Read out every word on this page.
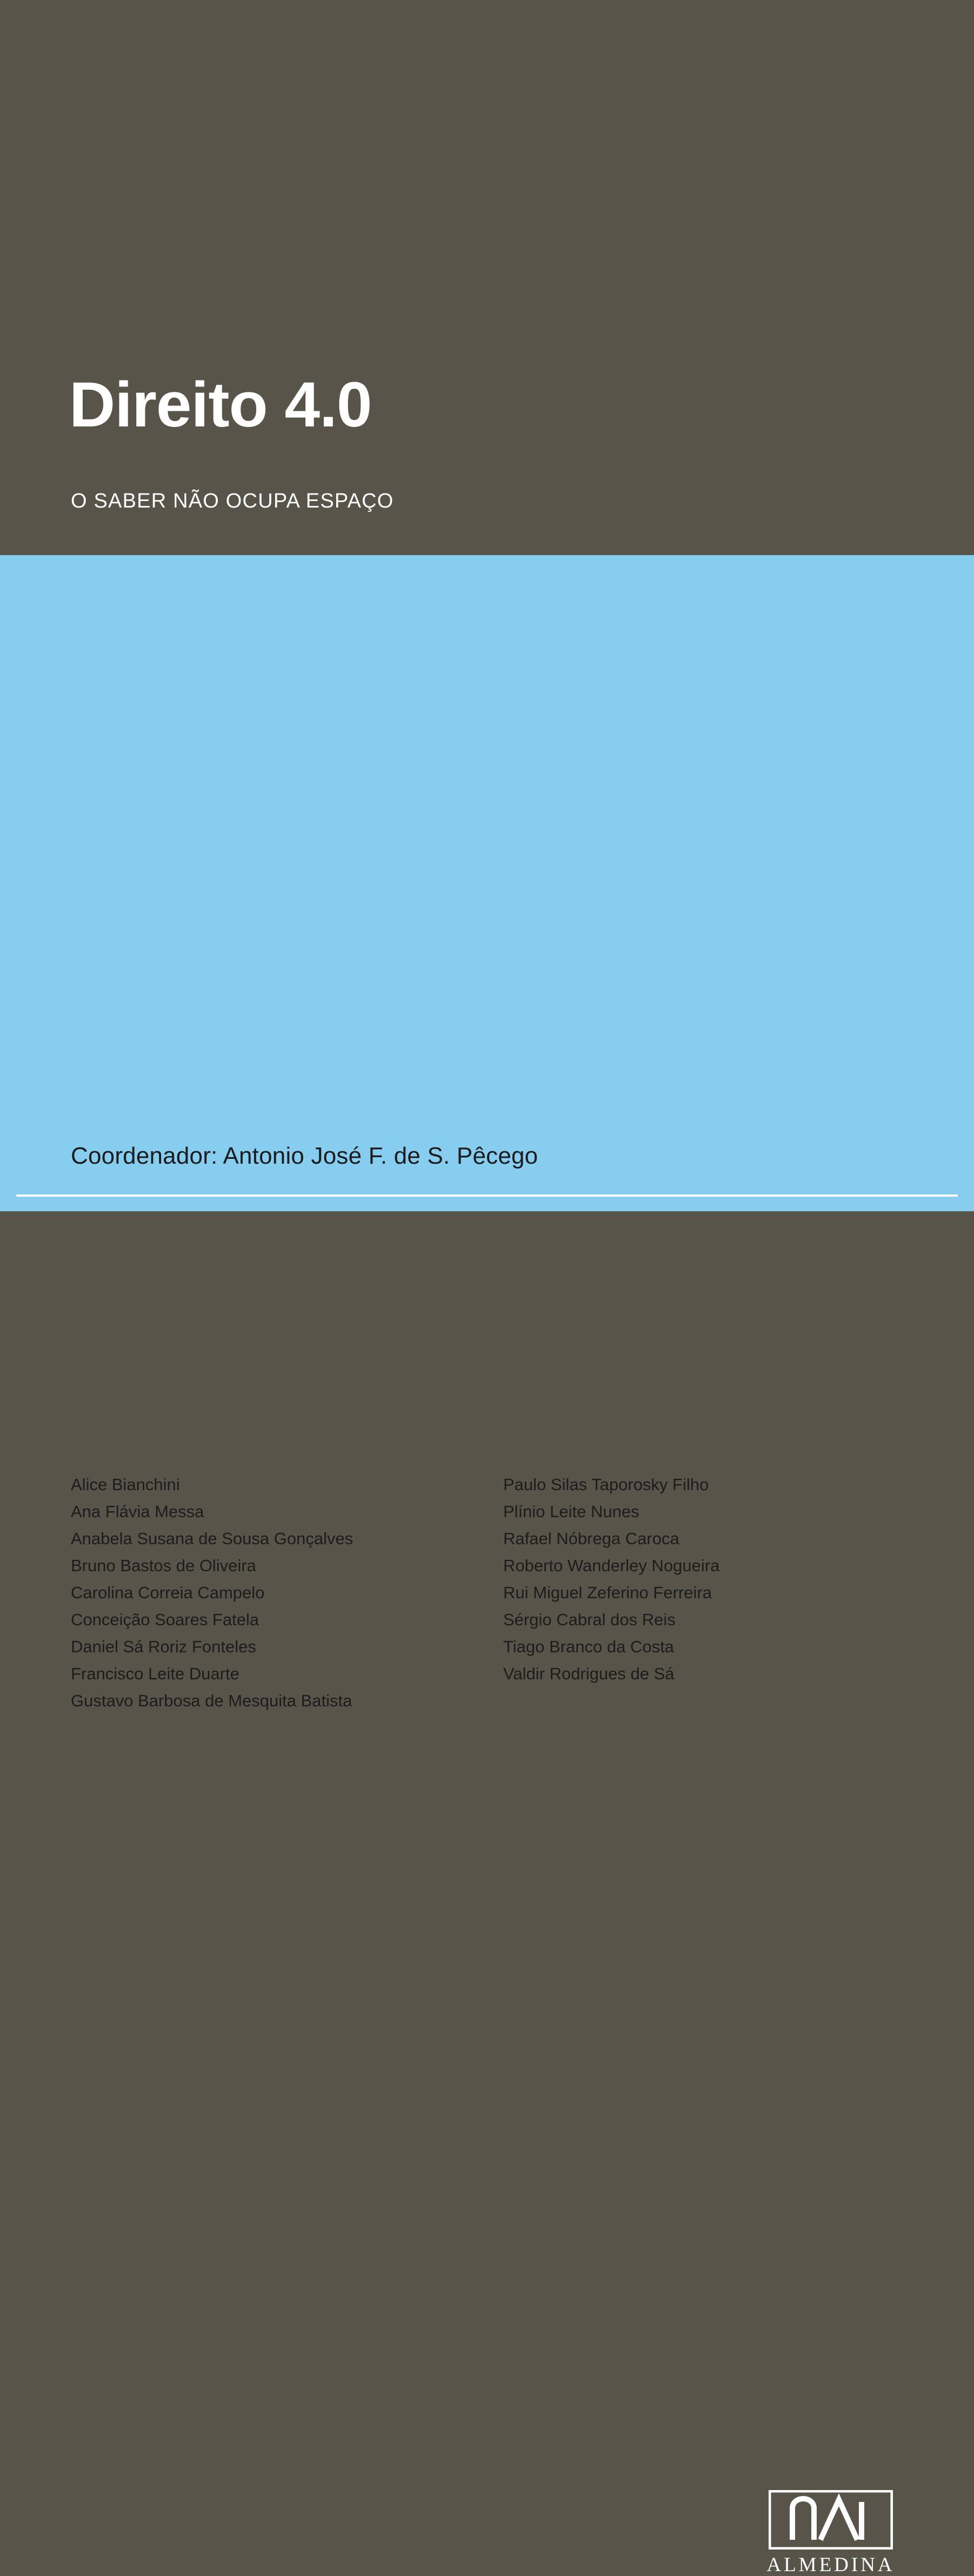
Direito 4.0
O SABER NÃO OCUPA ESPAÇO
Coordenador: Antonio José F. de S. Pêcego
Alice Bianchini
Ana Flávia Messa
Anabela Susana de Sousa Gonçalves
Bruno Bastos de Oliveira
Carolina Correia Campelo
Conceição Soares Fatela
Daniel Sá Roriz Fonteles
Francisco Leite Duarte
Gustavo Barbosa de Mesquita Batista
Paulo Silas Taporosky Filho
Plínio Leite Nunes
Rafael Nóbrega Caroca
Roberto Wanderley Nogueira
Rui Miguel Zeferino Ferreira
Sérgio Cabral dos Reis
Tiago Branco da Costa
Valdir Rodrigues de Sá
ALMEDINA
